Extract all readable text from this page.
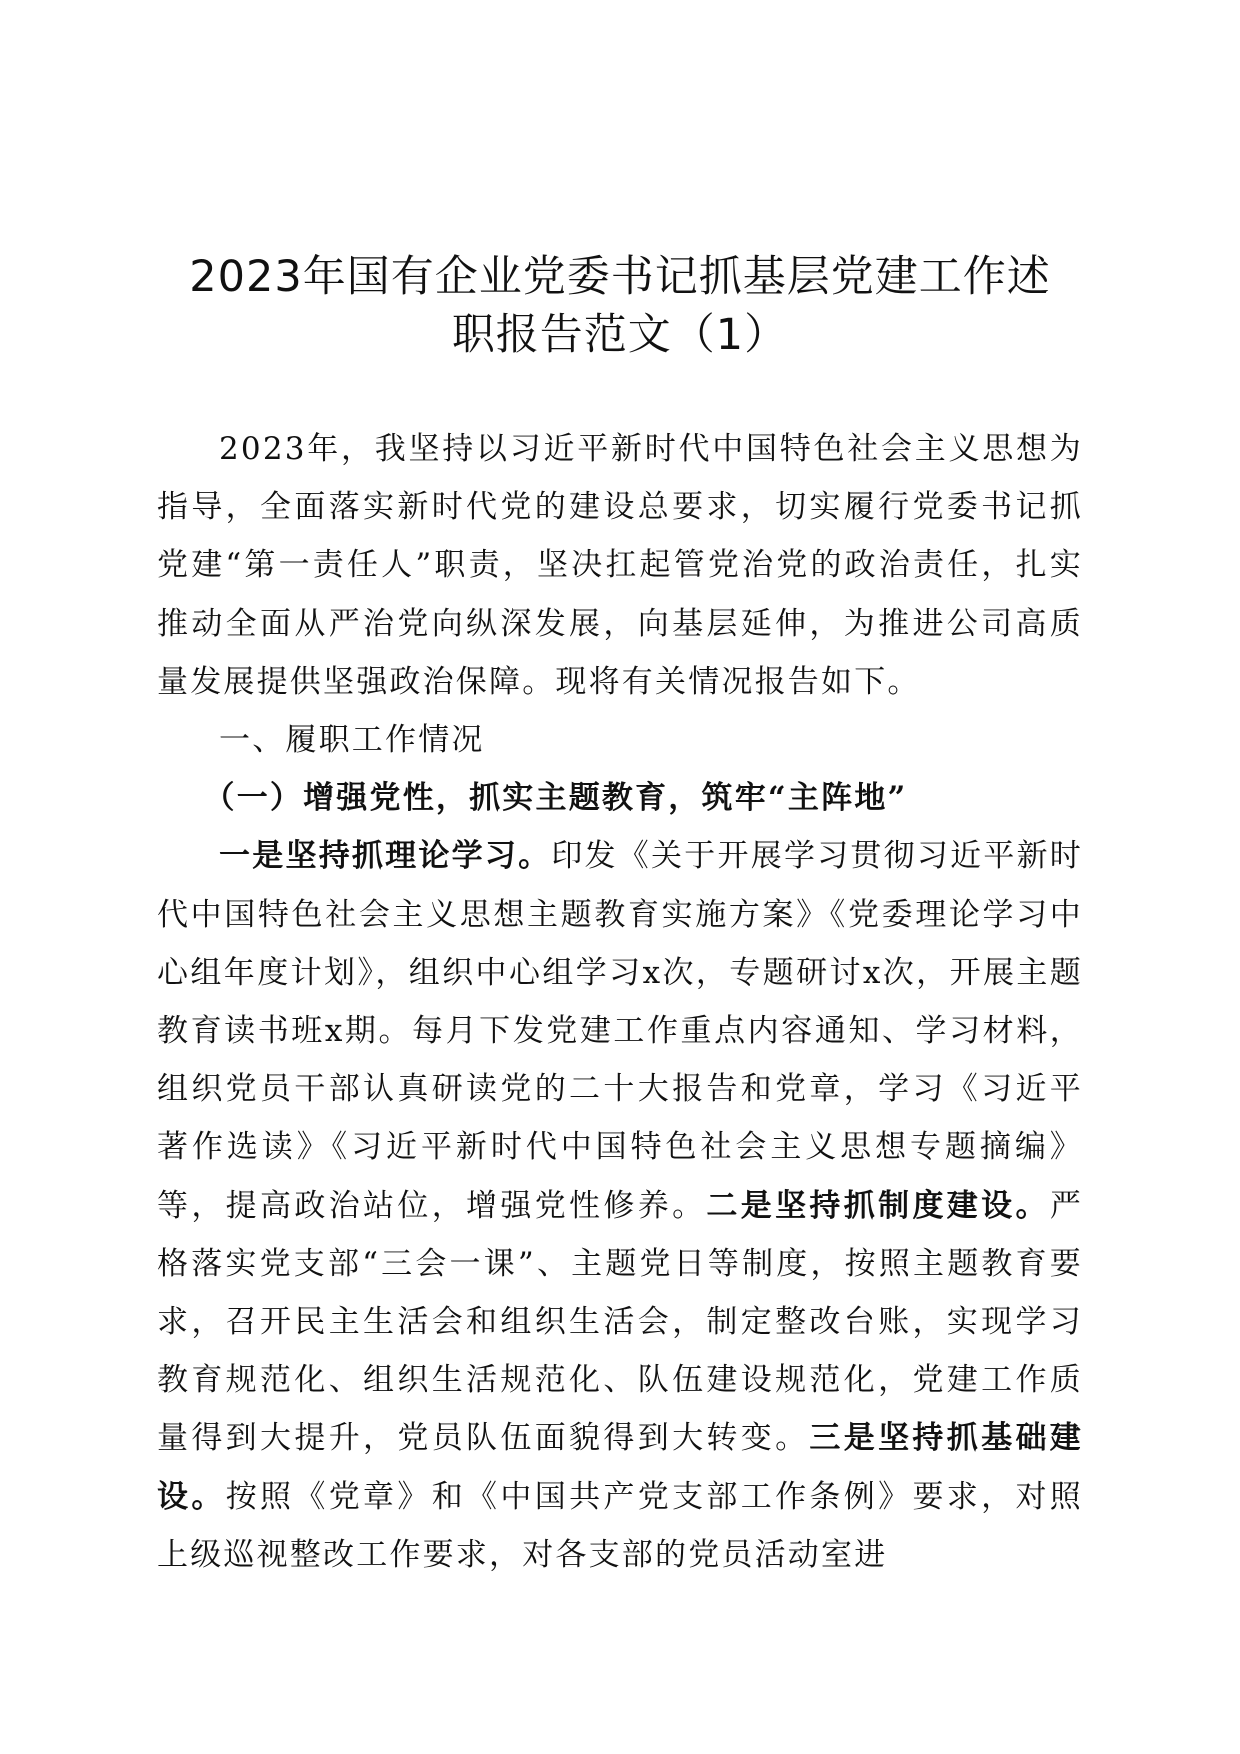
2023年国有企业党委书记抓基层党建工作述
职报告范文（1）

2023年，我坚持以习近平新时代中国特色社会主义思想为指导，全面落实新时代党的建设总要求，切实履行党委书记抓党建“第一责任人”职责，坚决扛起管党治党的政治责任，扎实推动全面从严治党向纵深发展，向基层延伸，为推进公司高质量发展提供坚强政治保障。现将有关情况报告如下。

一、履职工作情况

（一）增强党性，抓实主题教育，筑牢“主阵地”

一是坚持抓理论学习。印发《关于开展学习贯彻习近平新时代中国特色社会主义思想主题教育实施方案》《党委理论学习中心组年度计划》，组织中心组学习x次，专题研讨x次，开展主题教育读书班x期。每月下发党建工作重点内容通知、学习材料，组织党员干部认真研读党的二十大报告和党章，学习《习近平著作选读》《习近平新时代中国特色社会主义思想专题摘编》等，提高政治站位，增强党性修养。二是坚持抓制度建设。严格落实党支部“三会一课”、主题党日等制度，按照主题教育要求，召开民主生活会和组织生活会，制定整改台账，实现学习教育规范化、组织生活规范化、队伍建设规范化，党建工作质量得到大提升，党员队伍面貌得到大转变。三是坚持抓基础建设。按照《党章》和《中国共产党支部工作条例》要求，对照上级巡视整改工作要求，对各支部的党员活动室进
